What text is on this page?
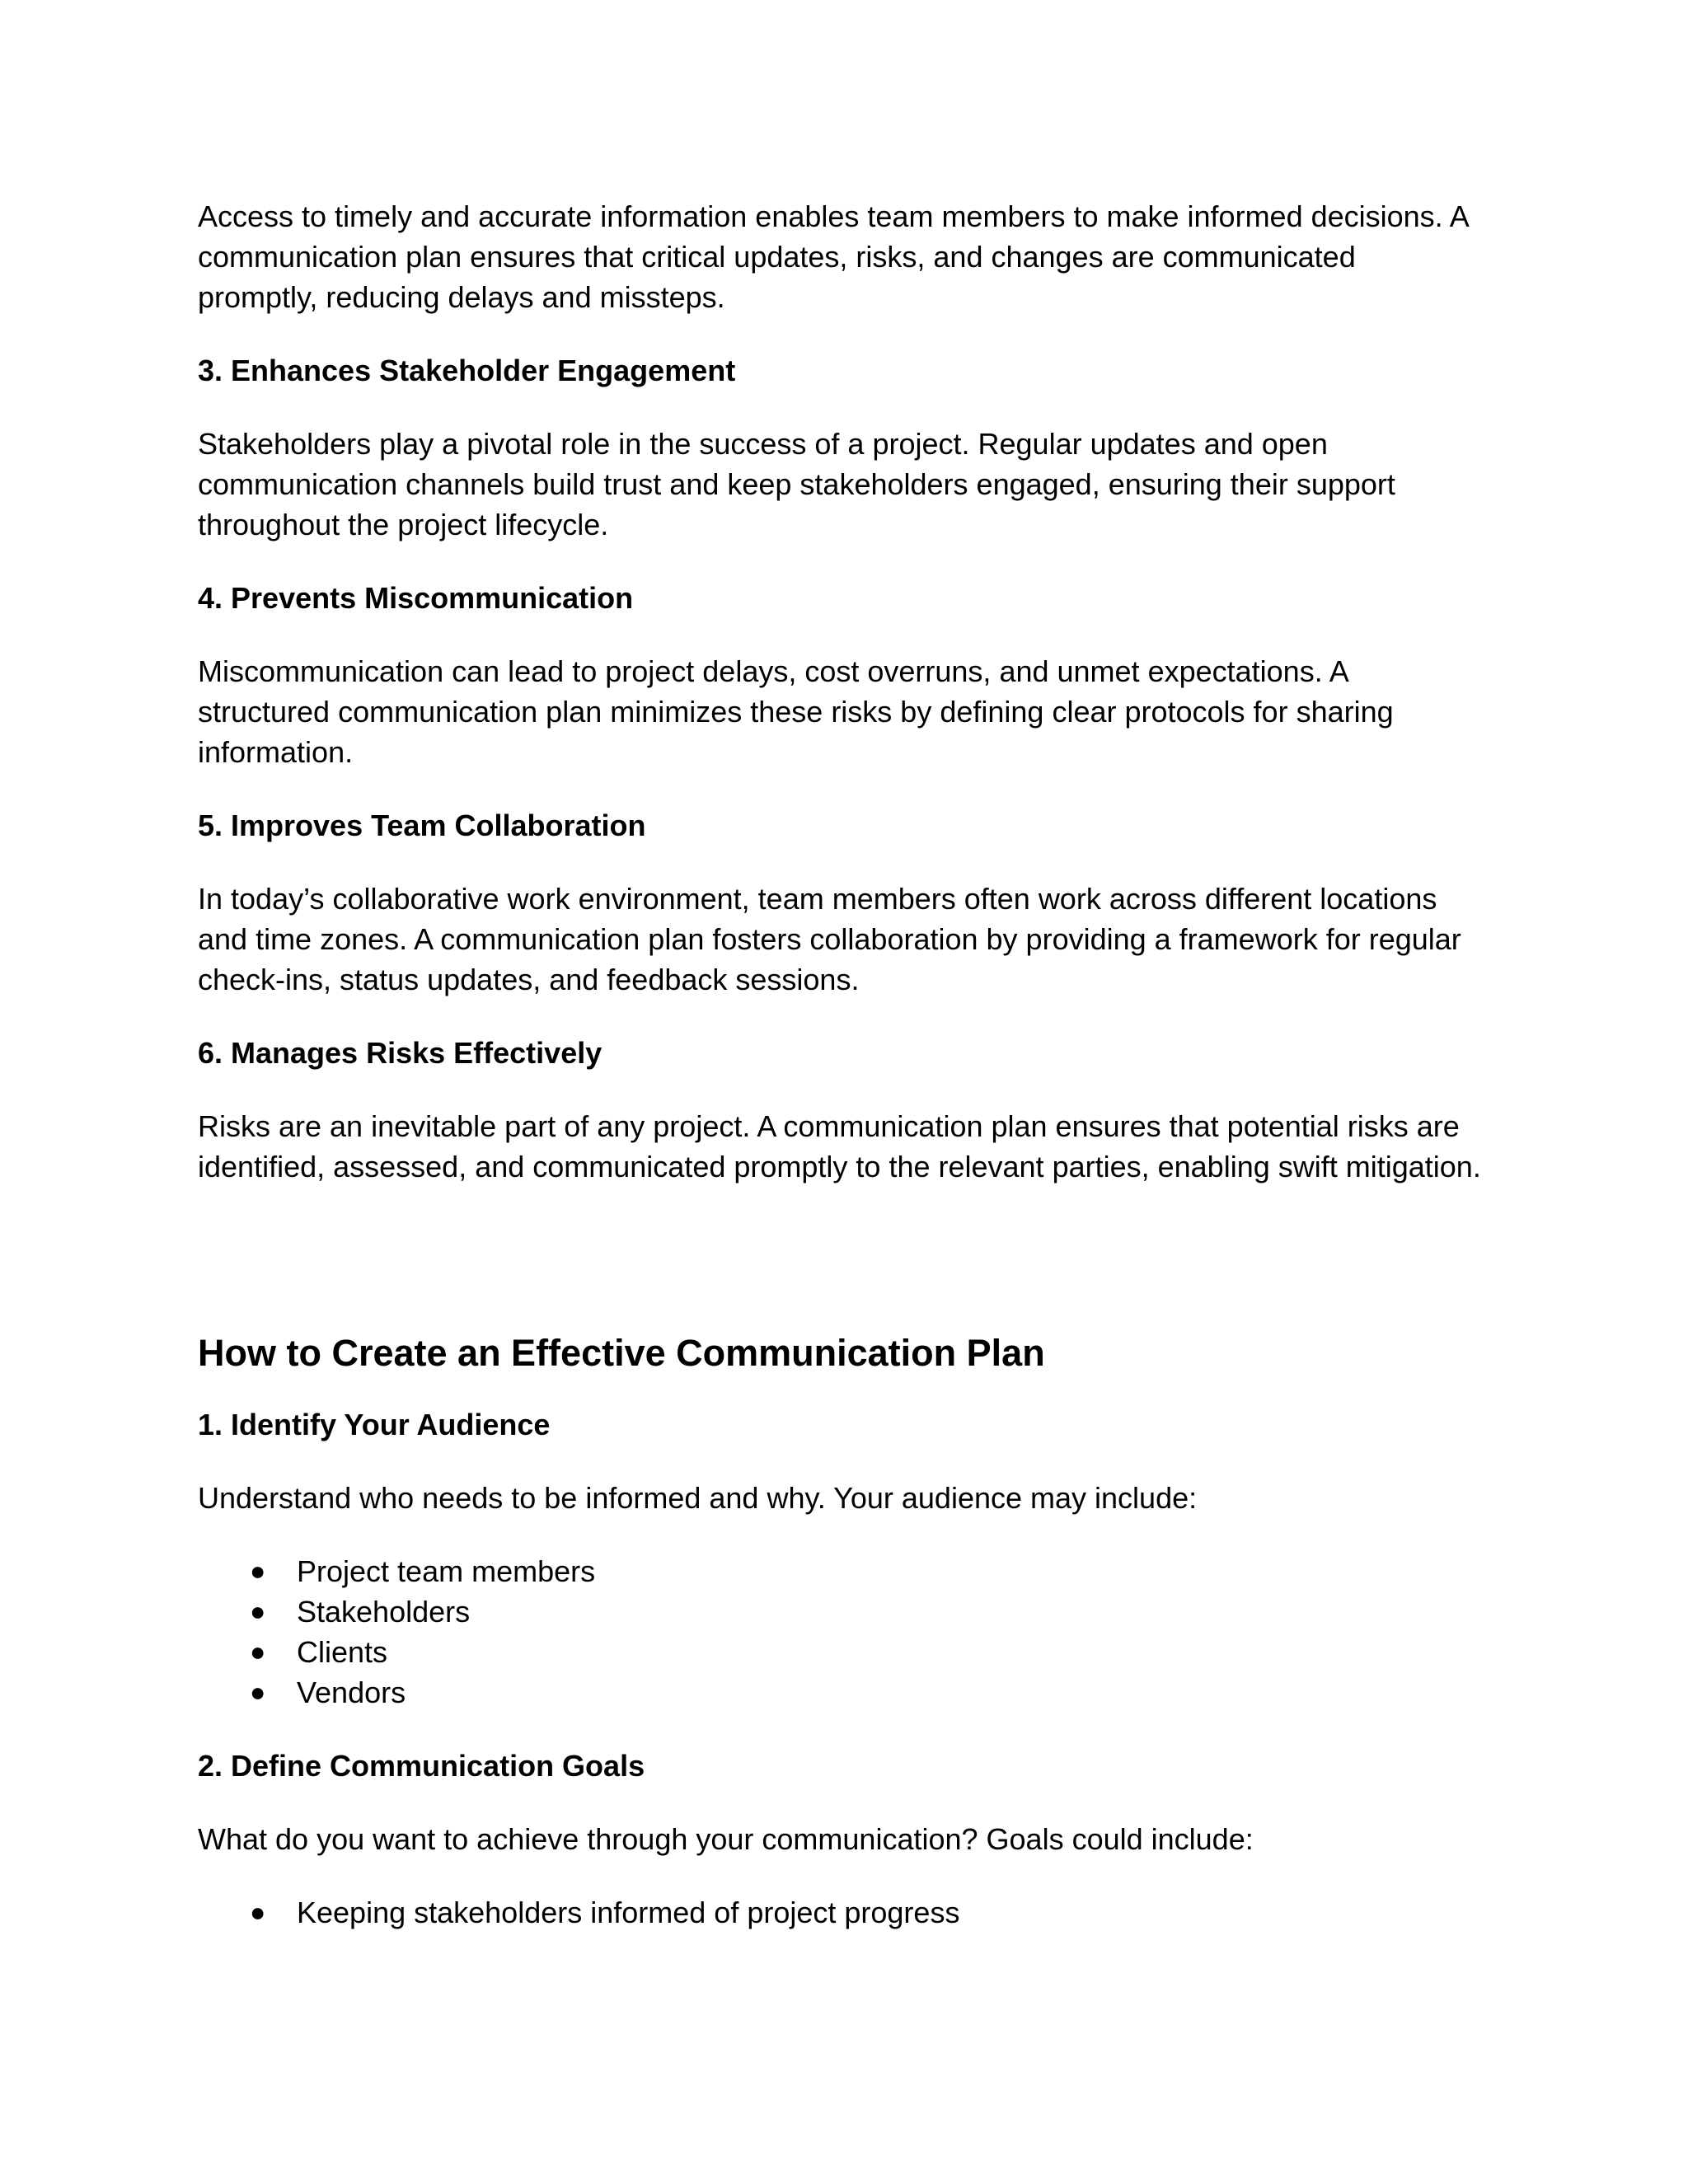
Access to timely and accurate information enables team members to make informed decisions. A communication plan ensures that critical updates, risks, and changes are communicated promptly, reducing delays and missteps.

3. Enhances Stakeholder Engagement

Stakeholders play a pivotal role in the success of a project. Regular updates and open communication channels build trust and keep stakeholders engaged, ensuring their support throughout the project lifecycle.

4. Prevents Miscommunication

Miscommunication can lead to project delays, cost overruns, and unmet expectations. A structured communication plan minimizes these risks by defining clear protocols for sharing information.

5. Improves Team Collaboration

In today’s collaborative work environment, team members often work across different locations and time zones. A communication plan fosters collaboration by providing a framework for regular check-ins, status updates, and feedback sessions.

6. Manages Risks Effectively

Risks are an inevitable part of any project. A communication plan ensures that potential risks are identified, assessed, and communicated promptly to the relevant parties, enabling swift mitigation.

How to Create an Effective Communication Plan

1. Identify Your Audience

Understand who needs to be informed and why. Your audience may include:

● Project team members
● Stakeholders
● Clients
● Vendors

2. Define Communication Goals

What do you want to achieve through your communication? Goals could include:

● Keeping stakeholders informed of project progress
